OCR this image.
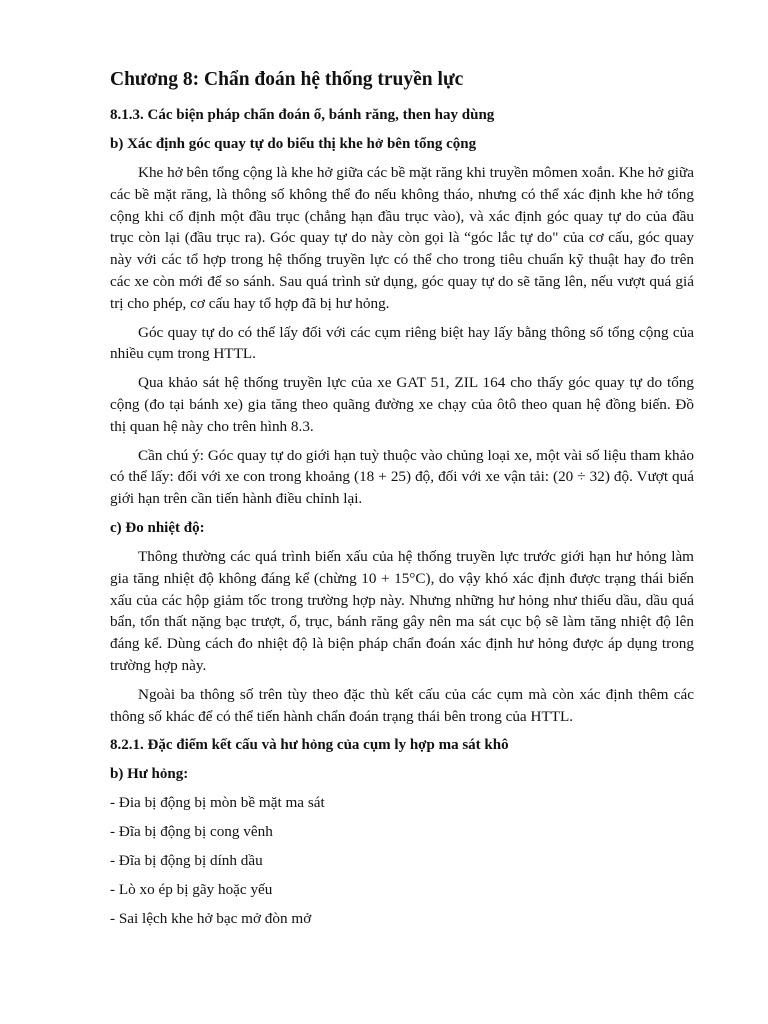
Chương 8: Chẩn đoán hệ thống truyền lực
8.1.3. Các biện pháp chẩn đoán ổ, bánh răng, then hay dùng
b) Xác định góc quay tự do biểu thị khe hở bên tổng cộng

Khe hở bên tổng cộng là khe hở giữa các bề mặt răng khi truyền mômen xoắn. Khe hở giữa các bề mặt răng, là thông số không thể đo nếu không tháo, nhưng có thể xác định khe hở tổng cộng khi cố định một đầu trục (chẳng hạn đầu trục vào), và xác định góc quay tự do của đầu trục còn lại (đầu trục ra). Góc quay tự do này còn gọi là “góc lắc tự do" của cơ cấu, góc quay này với các tổ hợp trong hệ thống truyền lực có thể cho trong tiêu chuẩn kỹ thuật hay đo trên các xe còn mới để so sánh. Sau quá trình sử dụng, góc quay tự do sẽ tăng lên, nếu vượt quá giá trị cho phép, cơ cấu hay tổ hợp đã bị hư hỏng.

Góc quay tự do có thể lấy đối với các cụm riêng biệt hay lấy bằng thông số tổng cộng của nhiều cụm trong HTTL.

Qua khảo sát hệ thống truyền lực của xe GAT 51, ZIL 164 cho thấy góc quay tự do tổng cộng (đo tại bánh xe) gia tăng theo quãng đường xe chạy của ôtô theo quan hệ đồng biến. Đồ thị quan hệ này cho trên hình 8.3.

Cần chú ý: Góc quay tự do giới hạn tuỳ thuộc vào chủng loại xe, một vài số liệu tham khảo có thể lấy: đối với xe con trong khoảng (18 + 25) độ, đối với xe vận tải: (20 ÷ 32) độ. Vượt quá giới hạn trên cần tiến hành điều chỉnh lại.

c) Đo nhiệt độ:

Thông thường các quá trình biến xấu của hệ thống truyền lực trước giới hạn hư hỏng làm gia tăng nhiệt độ không đáng kể (chừng 10 + 15°C), do vậy khó xác định được trạng thái biến xấu của các hộp giảm tốc trong trường hợp này. Nhưng những hư hỏng như thiếu dầu, dầu quá bẩn, tổn thất nặng bạc trượt, ổ, trục, bánh răng gây nên ma sát cục bộ sẽ làm tăng nhiệt độ lên đáng kể. Dùng cách đo nhiệt độ là biện pháp chẩn đoán xác định hư hỏng được áp dụng trong trường hợp này.

Ngoài ba thông số trên tùy theo đặc thù kết cấu của các cụm mà còn xác định thêm các thông số khác để có thể tiến hành chẩn đoán trạng thái bên trong của HTTL.

8.2.1. Đặc điểm kết cấu và hư hỏng của cụm ly hợp ma sát khô
b) Hư hỏng:
- Đia bị động bị mòn bề mặt ma sát
- Đĩa bị động bị cong vênh
- Đĩa bị động bị dính dầu
- Lò xo ép bị gãy hoặc yếu
- Sai lệch khe hở bạc mở đòn mở
